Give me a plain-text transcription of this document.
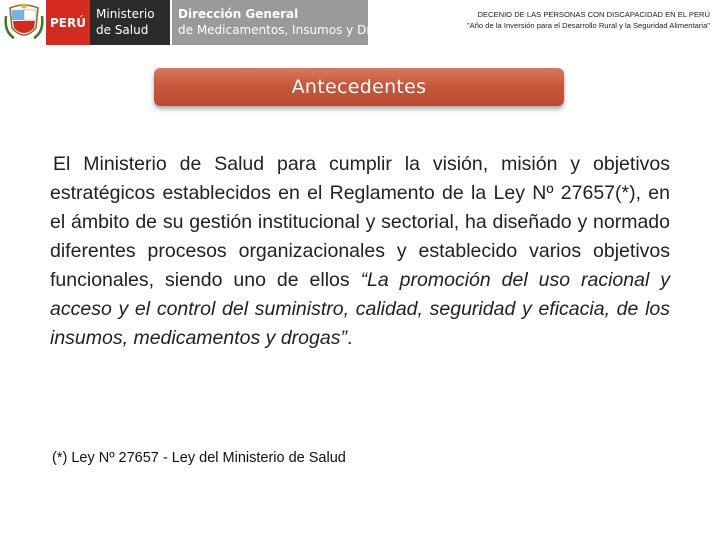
PERÚ
Ministerio
de Salud
Dirección General
de Medicamentos, Insumos y Drogas
DECENIO DE LAS PERSONAS CON DISCAPACIDAD EN EL PERÚ
"Año de la Inversión para el Desarrollo Rural y la Seguridad Alimentaria"
Antecedentes
El Ministerio de Salud para cumplir la visión, misión y objetivos estratégicos establecidos en el Reglamento de la Ley Nº 27657(*), en el ámbito de su gestión institucional y sectorial, ha diseñado y normado diferentes procesos organizacionales y establecido varios objetivos funcionales, siendo uno de ellos “La promoción del uso racional y acceso y el control del suministro, calidad, seguridad y eficacia, de los insumos, medicamentos y drogas”.
(*) Ley Nº 27657 - Ley del Ministerio de Salud
